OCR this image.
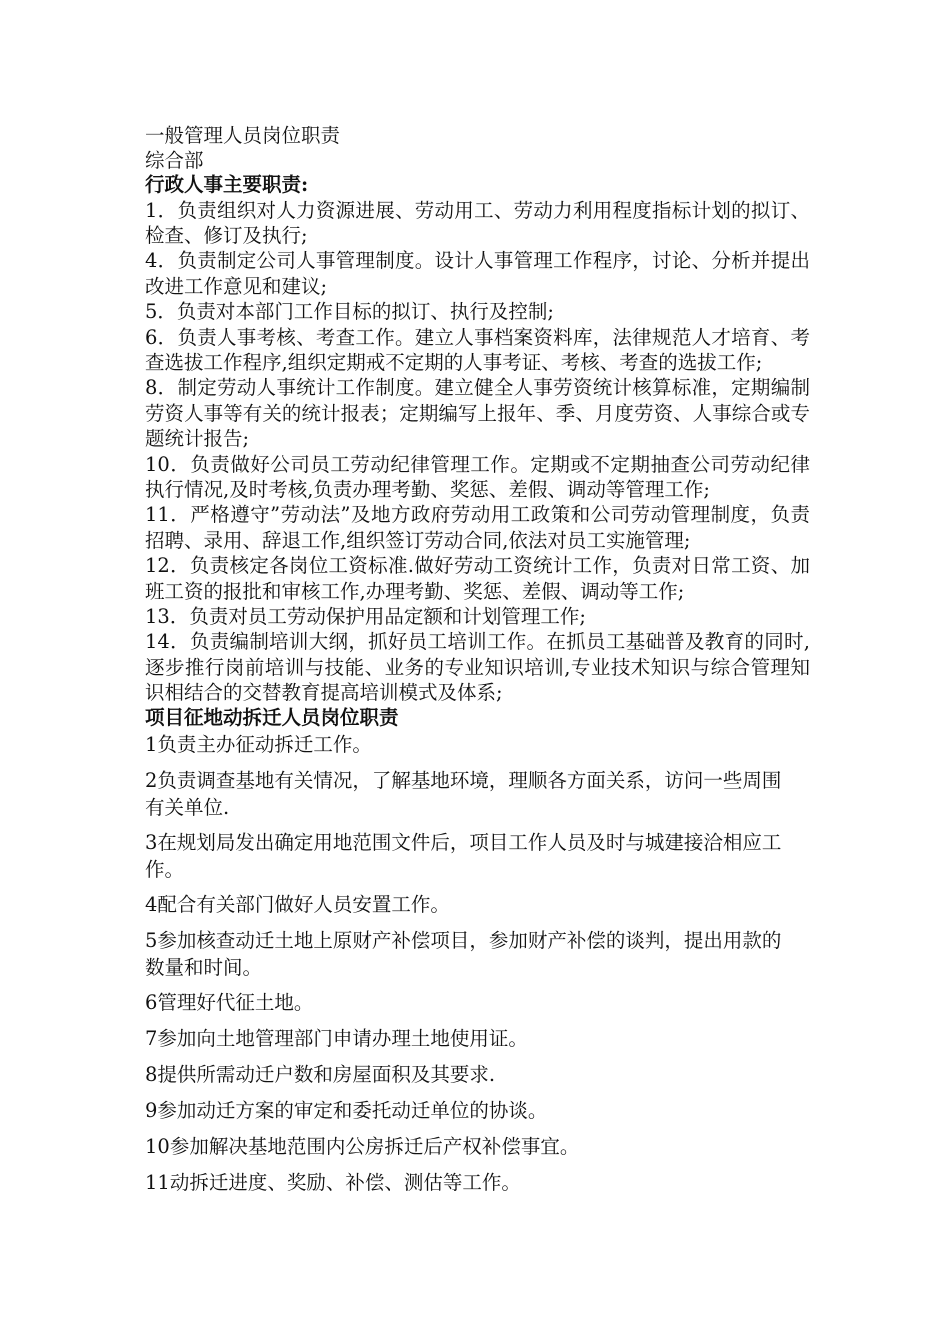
一般管理人员岗位职责

综合部

行政人事主要职责:

1．负责组织对人力资源进展、劳动用工、劳动力利用程度指标计划的拟订、检查、修订及执行;

4．负责制定公司人事管理制度。设计人事管理工作程序，讨论、分析并提出改进工作意见和建议;

5．负责对本部门工作目标的拟订、执行及控制;

6．负责人事考核、考查工作。建立人事档案资料库，法律规范人才培育、考查选拔工作程序,组织定期戒不定期的人事考证、考核、考查的选拔工作;

8．制定劳动人事统计工作制度。建立健全人事劳资统计核算标准，定期编制劳资人事等有关的统计报表；定期编写上报年、季、月度劳资、人事综合或专题统计报告;

10．负责做好公司员工劳动纪律管理工作。定期或不定期抽查公司劳动纪律执行情况,及时考核,负责办理考勤、奖惩、差假、调动等管理工作;

11．严格遵守”劳动法”及地方政府劳动用工政策和公司劳动管理制度，负责招聘、录用、辞退工作,组织签订劳动合同,依法对员工实施管理;

12．负责核定各岗位工资标准.做好劳动工资统计工作，负责对日常工资、加班工资的报批和审核工作,办理考勤、奖惩、差假、调动等工作;

13．负责对员工劳动保护用品定额和计划管理工作;

14．负责编制培训大纲，抓好员工培训工作。在抓员工基础普及教育的同时,逐步推行岗前培训与技能、业务的专业知识培训,专业技术知识与综合管理知识相结合的交替教育提高培训模式及体系;

项目征地动拆迁人员岗位职责

1负责主办征动拆迁工作。

2负责调查基地有关情况，了解基地环境，理顺各方面关系，访问一些周围有关单位.

3在规划局发出确定用地范围文件后，项目工作人员及时与城建接洽相应工作。

4配合有关部门做好人员安置工作。

5参加核查动迁土地上原财产补偿项目，参加财产补偿的谈判，提出用款的数量和时间。

6管理好代征土地。

7参加向土地管理部门申请办理土地使用证。

8提供所需动迁户数和房屋面积及其要求.

9参加动迁方案的审定和委托动迁单位的协谈。

10参加解决基地范围内公房拆迁后产权补偿事宜。

11动拆迁进度、奖励、补偿、测估等工作。
